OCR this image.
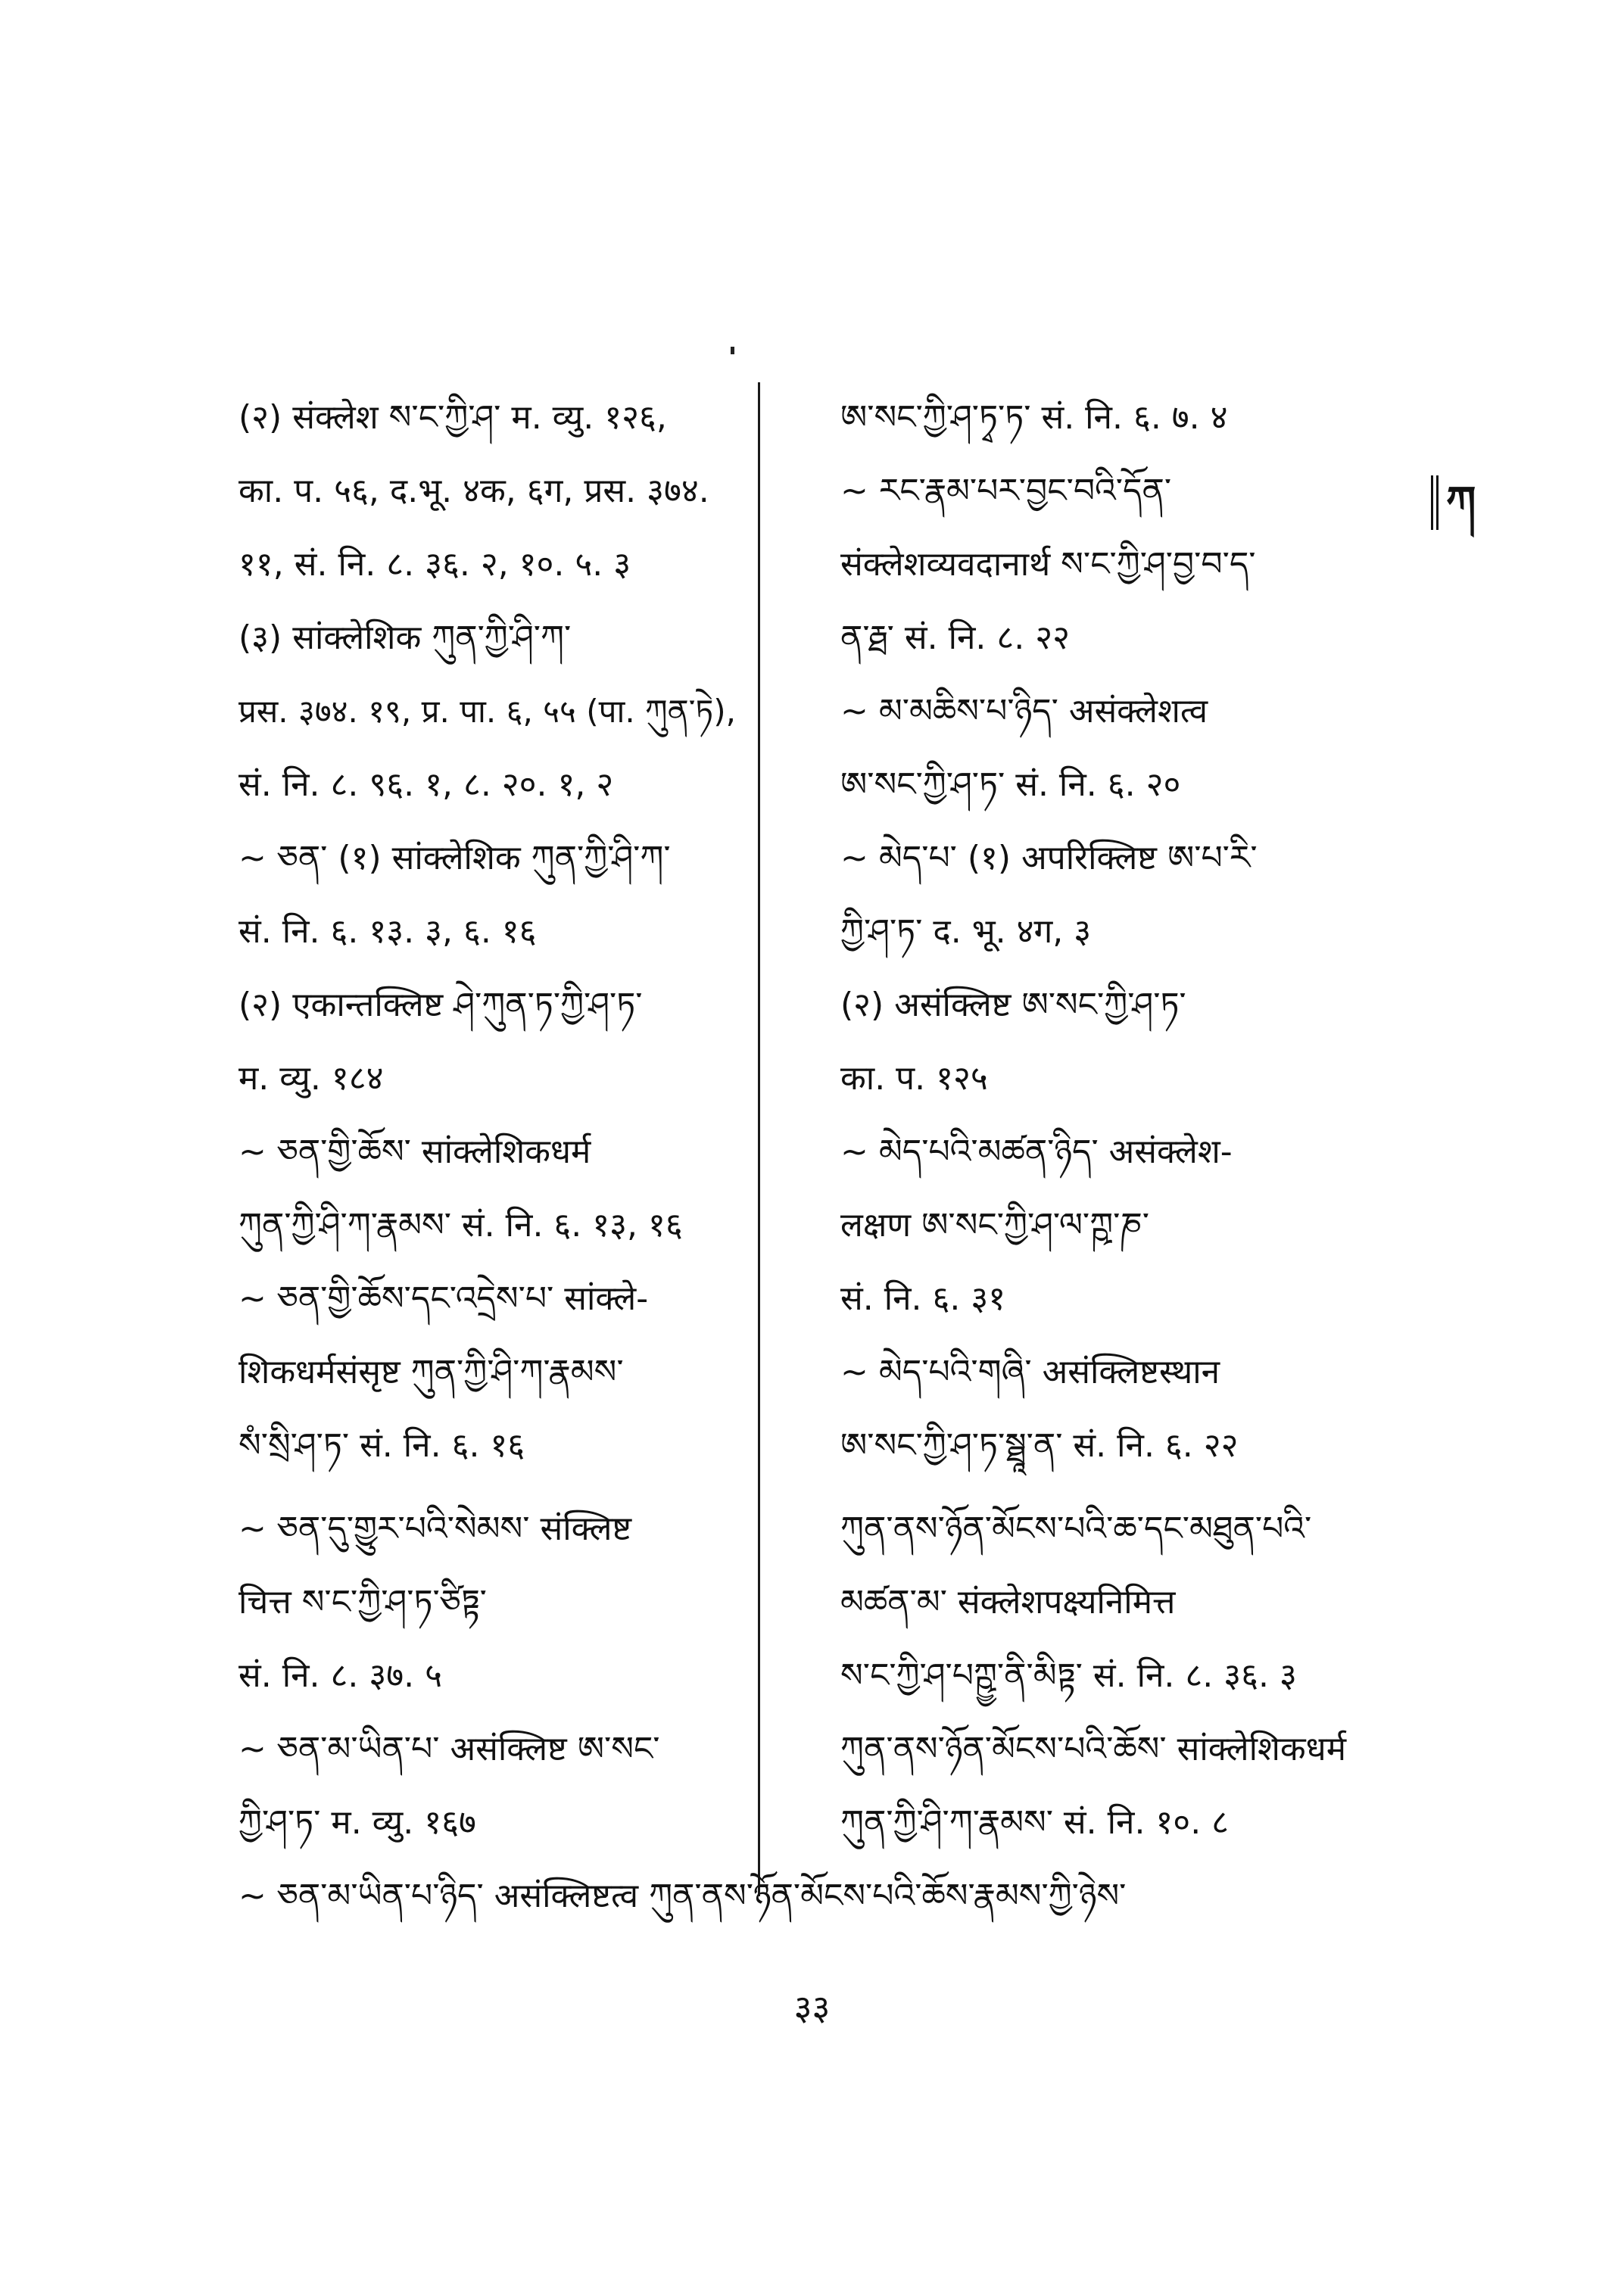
ཀ
(२) संक्लेश ས་ང་ཀྱི་ཤ་ म. व्यु. १२६,
का. प. ५६, द.भू. ४क, ६ग, प्रस. ३७४.
११, सं. नि. ८. ३६. २, १०. ५. ३
(३) सांक्लेशिक ཀུན་ཀྱི་ཤི་ཀ་
प्रस. ३७४. १९, प्र. पा. ६, ५५ (पा. ཀུན་ཏེ),
सं. नि. ८. ९६. १, ८. २०. १, २
~ ཅན་ (१) सांक्लेशिक ཀུན་ཀྱི་ཤི་ཀ་
सं. नि. ६. १३. ३, ६. १६
(२) एकान्तक्लिष्ट ཤེ་ཀུན་ཏ་ཀྱི་ཤ་ཏ་
म. व्यु. १८४
~ ཅན་གྱི་ཆོས་ सांक्लेशिकधर्म
ཀུན་ཀྱི་ཤི་ཀ་རྣམས་ सं. नि. ६. १३, १६
~ ཅན་གྱི་ཆོས་དང་འདྲེས་པ་ सांक्ले-
शिकधर्मसंसृष्ट ཀུན་ཀྱི་ཤི་ཀ་རྣམས་
སཾ་སྲི་ཤ་ཏ་ सं. नि. ६. १६
~ ཅན་དུ་གྱུར་པའི་སེམས་ संक्लिष्ट
चित्त ས་ང་ཀྱི་ཤ་ཏ་ཙིཏྟ་
सं. नि. ८. ३७. ५
~ ཅན་མ་ཡིན་པ་ असंक्लिष्ट ཨ་སང་
ཀྱི་ཤ་ཏ་ म. व्यु. १६७
ཨ་སང་ཀྱི་ཤ་ཏྭ་ཏ་ सं. नि. ६. ७. ४
~ རང་རྣམ་པར་བྱང་བའི་དོན་
संक्लेशव्यवदानार्थ ས་ང་ཀྱི་ཤ་བྱ་བ་ད་
ན་རྠ་ सं. नि. ८. २२
~ མ་མཆིས་པ་ཉིད་ असंक्लेशत्व
ཨ་སང་ཀྱི་ཤ་ཏ་ सं. नि. ६. २०
~ མེད་པ་ (१) अपरिक्लिष्ट ཨ་པ་རི་
ཀྱི་ཤ་ཏ་ द. भू. ४ग, ३
(२) असंक्लिष्ट ཨ་སང་ཀྱི་ཤ་ཏ་
का. प. १२५
~ མེད་པའི་མཚན་ཉིད་ असंक्लेश-
लक्षण ཨ་སང་ཀྱི་ཤ་ལ་ཀྵ་ཎ་
सं. नि. ६. ३१
~ མེད་པའི་གཞི་ असंक्लिष्टस्थान
ཨ་སང་ཀྱི་ཤ་ཏ་སྠཱ་ན་ सं. नि. ६. २२
ཀུན་ནས་ཉོན་མོངས་པའི་ཆ་དང་མཐུན་པའི་
མཚན་མ་ संक्लेशपक्ष्यनिमित्त
ས་ང་ཀྱི་ཤ་པཀྵྱ་ནི་མིཏྟ་ सं. नि. ८. ३६. ३
ཀུན་ནས་ཉོན་མོངས་པའི་ཆོས་ सांक्लेशिकधर्म
ཀུན་ཀྱི་ཤི་ཀ་རྣམས་ सं. नि. १०. ८
~ ཅན་མ་ཡིན་པ་ཉིད་ असंक्लिष्टत्व ཀུན་ནས་ཉོན་མོངས་པའི་ཆོས་རྣམས་ཀྱི་ཉེས་
३३
